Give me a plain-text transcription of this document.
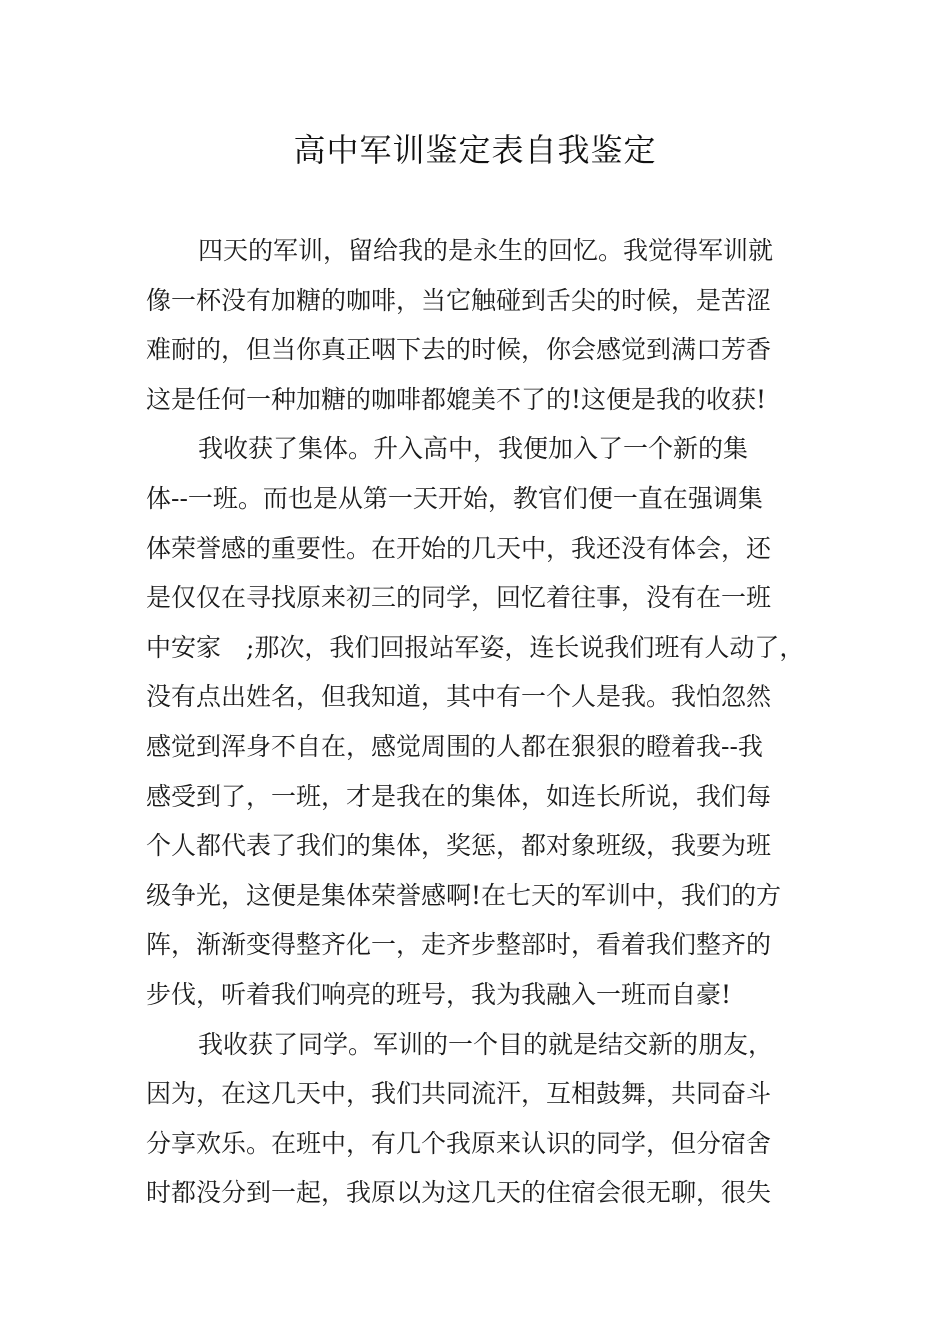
高中军训鉴定表自我鉴定

四天的军训，留给我的是永生的回忆。我觉得军训就

像一杯没有加糖的咖啡，当它触碰到舌尖的时候，是苦涩

难耐的，但当你真正咽下去的时候，你会感觉到满口芳香

这是任何一种加糖的咖啡都媲美不了的!这便是我的收获!

我收获了集体。升入高中，我便加入了一个新的集

体--一班。而也是从第一天开始，教官们便一直在强调集

体荣誉感的重要性。在开始的几天中，我还没有体会，还

是仅仅在寻找原来初三的同学，回忆着往事，没有在一班

中安家　;那次，我们回报站军姿，连长说我们班有人动了，

没有点出姓名，但我知道，其中有一个人是我。我怕忽然

感觉到浑身不自在，感觉周围的人都在狠狠的瞪着我--我

感受到了，一班，才是我在的集体，如连长所说，我们每

个人都代表了我们的集体，奖惩，都对象班级，我要为班

级争光，这便是集体荣誉感啊!在七天的军训中，我们的方

阵，渐渐变得整齐化一，走齐步整部时，看着我们整齐的

步伐，听着我们响亮的班号，我为我融入一班而自豪!

我收获了同学。军训的一个目的就是结交新的朋友，

因为，在这几天中，我们共同流汗，互相鼓舞，共同奋斗

分享欢乐。在班中，有几个我原来认识的同学，但分宿舍

时都没分到一起，我原以为这几天的住宿会很无聊，很失
